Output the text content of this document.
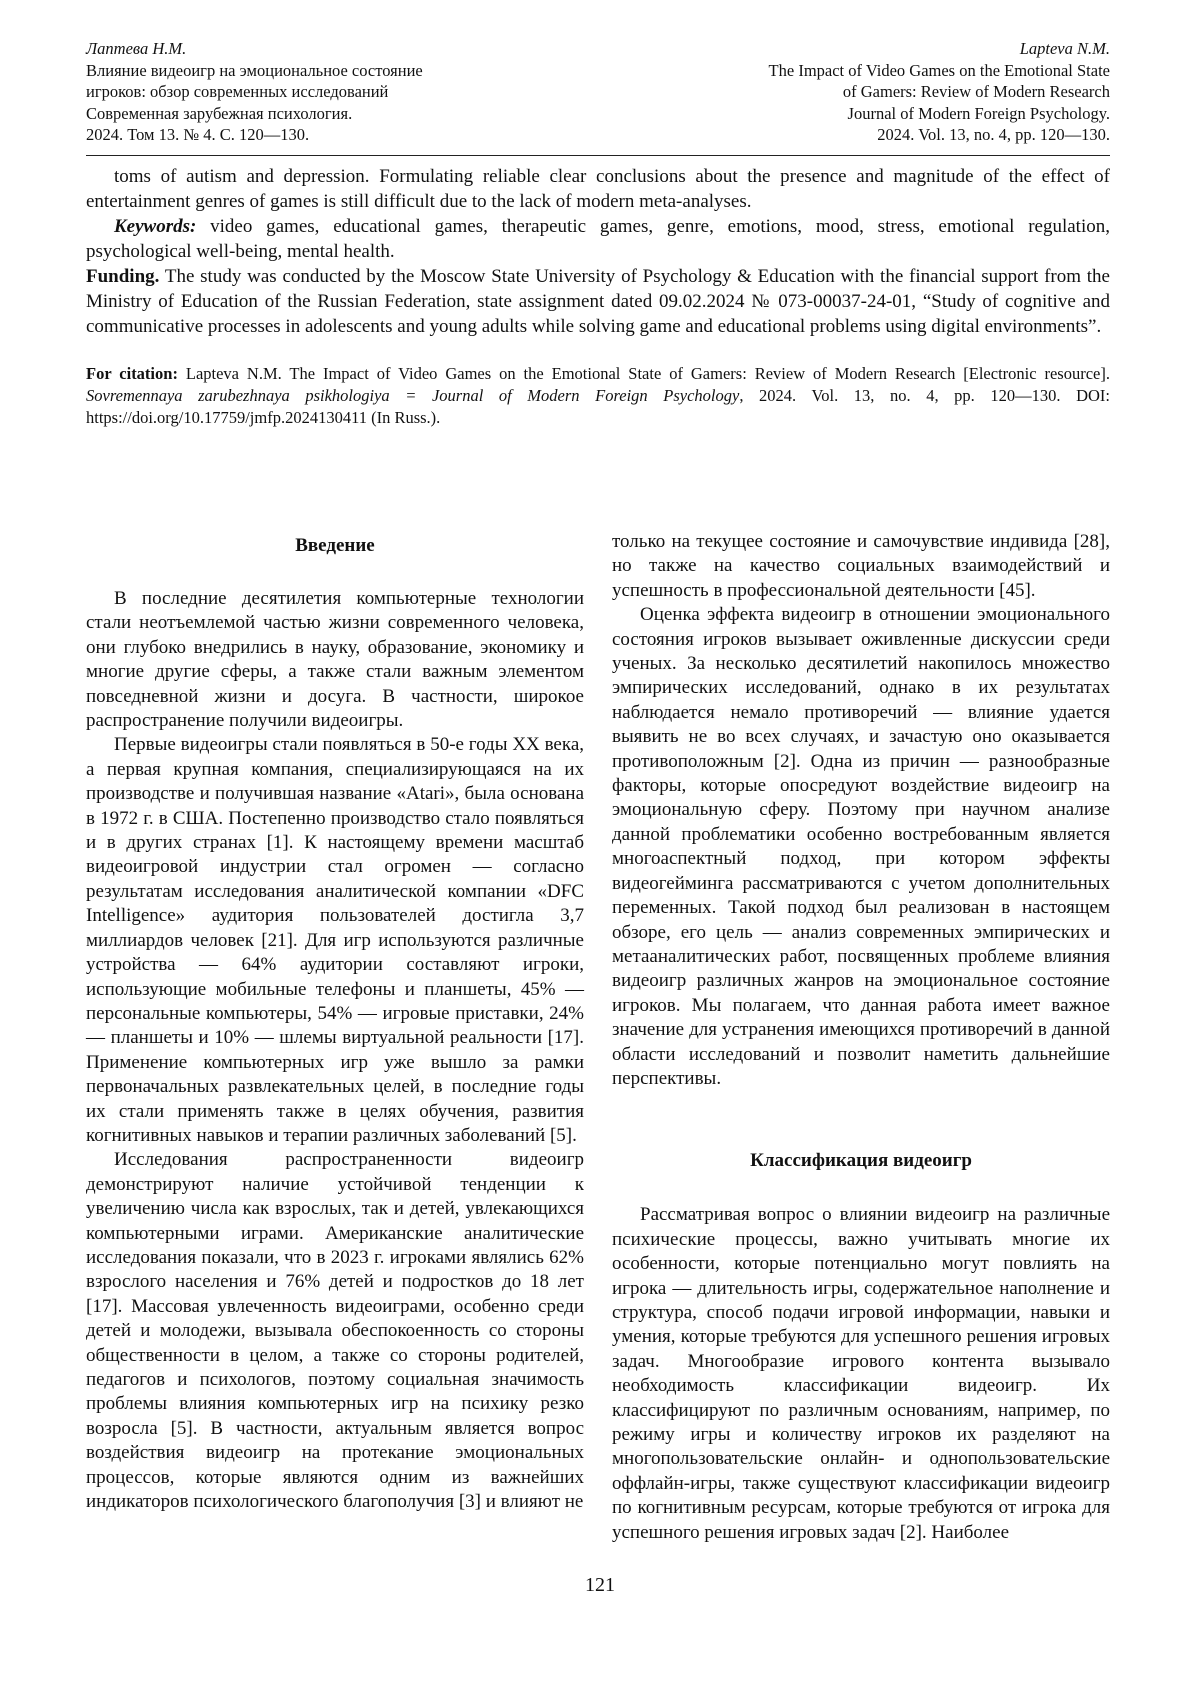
Лаптева Н.М.
Влияние видеоигр на эмоциональное состояние
игроков: обзор современных исследований
Современная зарубежная психология.
2024. Том 13. № 4. С. 120—130.
Lapteva N.M.
The Impact of Video Games on the Emotional State
of Gamers: Review of Modern Research
Journal of Modern Foreign Psychology.
2024. Vol. 13, no. 4, pp. 120—130.

toms of autism and depression. Formulating reliable clear conclusions about the presence and magnitude of the effect of entertainment genres of games is still difficult due to the lack of modern meta-analyses.

Keywords: video games, educational games, therapeutic games, genre, emotions, mood, stress, emotional regulation, psychological well-being, mental health.

Funding. The study was conducted by the Moscow State University of Psychology & Education with the financial support from the Ministry of Education of the Russian Federation, state assignment dated 09.02.2024 № 073-00037-24-01, “Study of cognitive and communicative processes in adolescents and young adults while solving game and educational problems using digital environments”.

For citation: Lapteva N.M. The Impact of Video Games on the Emotional State of Gamers: Review of Modern Research [Electronic resource]. Sovremennaya zarubezhnaya psikhologiya = Journal of Modern Foreign Psychology, 2024. Vol. 13, no. 4, pp. 120—130. DOI: https://doi.org/10.17759/jmfp.2024130411 (In Russ.).
Введение

В последние десятилетия компьютерные технологии стали неотъемлемой частью жизни современного человека, они глубоко внедрились в науку, образование, экономику и многие другие сферы, а также стали важным элементом повседневной жизни и досуга. В частности, широкое распространение получили видеоигры.

Первые видеоигры стали появляться в 50-е годы XX века, а первая крупная компания, специализирующаяся на их производстве и получившая название «Atari», была основана в 1972 г. в США. Постепенно производство стало появляться и в других странах [1]. К настоящему времени масштаб видеоигровой индустрии стал огромен — согласно результатам исследования аналитической компании «DFC Intelligence» аудитория пользователей достигла 3,7 миллиардов человек [21]. Для игр используются различные устройства — 64% аудитории составляют игроки, использующие мобильные телефоны и планшеты, 45% — персональные компьютеры, 54% — игровые приставки, 24% — планшеты и 10% — шлемы виртуальной реальности [17]. Применение компьютерных игр уже вышло за рамки первоначальных развлекательных целей, в последние годы их стали применять также в целях обучения, развития когнитивных навыков и терапии различных заболеваний [5].

Исследования распространенности видеоигр демонстрируют наличие устойчивой тенденции к увеличению числа как взрослых, так и детей, увлекающихся компьютерными играми. Американские аналитические исследования показали, что в 2023 г. игроками являлись 62% взрослого населения и 76% детей и подростков до 18 лет [17]. Массовая увлеченность видеоиграми, особенно среди детей и молодежи, вызывала обеспокоенность со стороны общественности в целом, а также со стороны родителей, педагогов и психологов, поэтому социальная значимость проблемы влияния компьютерных игр на психику резко возросла [5]. В частности, актуальным является вопрос воздействия видеоигр на протекание эмоциональных процессов, которые являются одним из важнейших индикаторов психологического благополучия [3] и влияют не

только на текущее состояние и самочувствие индивида [28], но также на качество социальных взаимодействий и успешность в профессиональной деятельности [45].

Оценка эффекта видеоигр в отношении эмоционального состояния игроков вызывает оживленные дискуссии среди ученых. За несколько десятилетий накопилось множество эмпирических исследований, однако в их результатах наблюдается немало противоречий — влияние удается выявить не во всех случаях, и зачастую оно оказывается противоположным [2]. Одна из причин — разнообразные факторы, которые опосредуют воздействие видеоигр на эмоциональную сферу. Поэтому при научном анализе данной проблематики особенно востребованным является многоаспектный подход, при котором эффекты видеогейминга рассматриваются с учетом дополнительных переменных. Такой подход был реализован в настоящем обзоре, его цель — анализ современных эмпирических и метааналитических работ, посвященных проблеме влияния видеоигр различных жанров на эмоциональное состояние игроков. Мы полагаем, что данная работа имеет важное значение для устранения имеющихся противоречий в данной области исследований и позволит наметить дальнейшие перспективы.

Классификация видеоигр

Рассматривая вопрос о влиянии видеоигр на различные психические процессы, важно учитывать многие их особенности, которые потенциально могут повлиять на игрока — длительность игры, содержательное наполнение и структура, способ подачи игровой информации, навыки и умения, которые требуются для успешного решения игровых задач. Многообразие игрового контента вызывало необходимость классификации видеоигр. Их классифицируют по различным основаниям, например, по режиму игры и количеству игроков их разделяют на многопользовательские онлайн- и однопользовательские оффлайн-игры, также существуют классификации видеоигр по когнитивным ресурсам, которые требуются от игрока для успешного решения игровых задач [2]. Наиболее

121
